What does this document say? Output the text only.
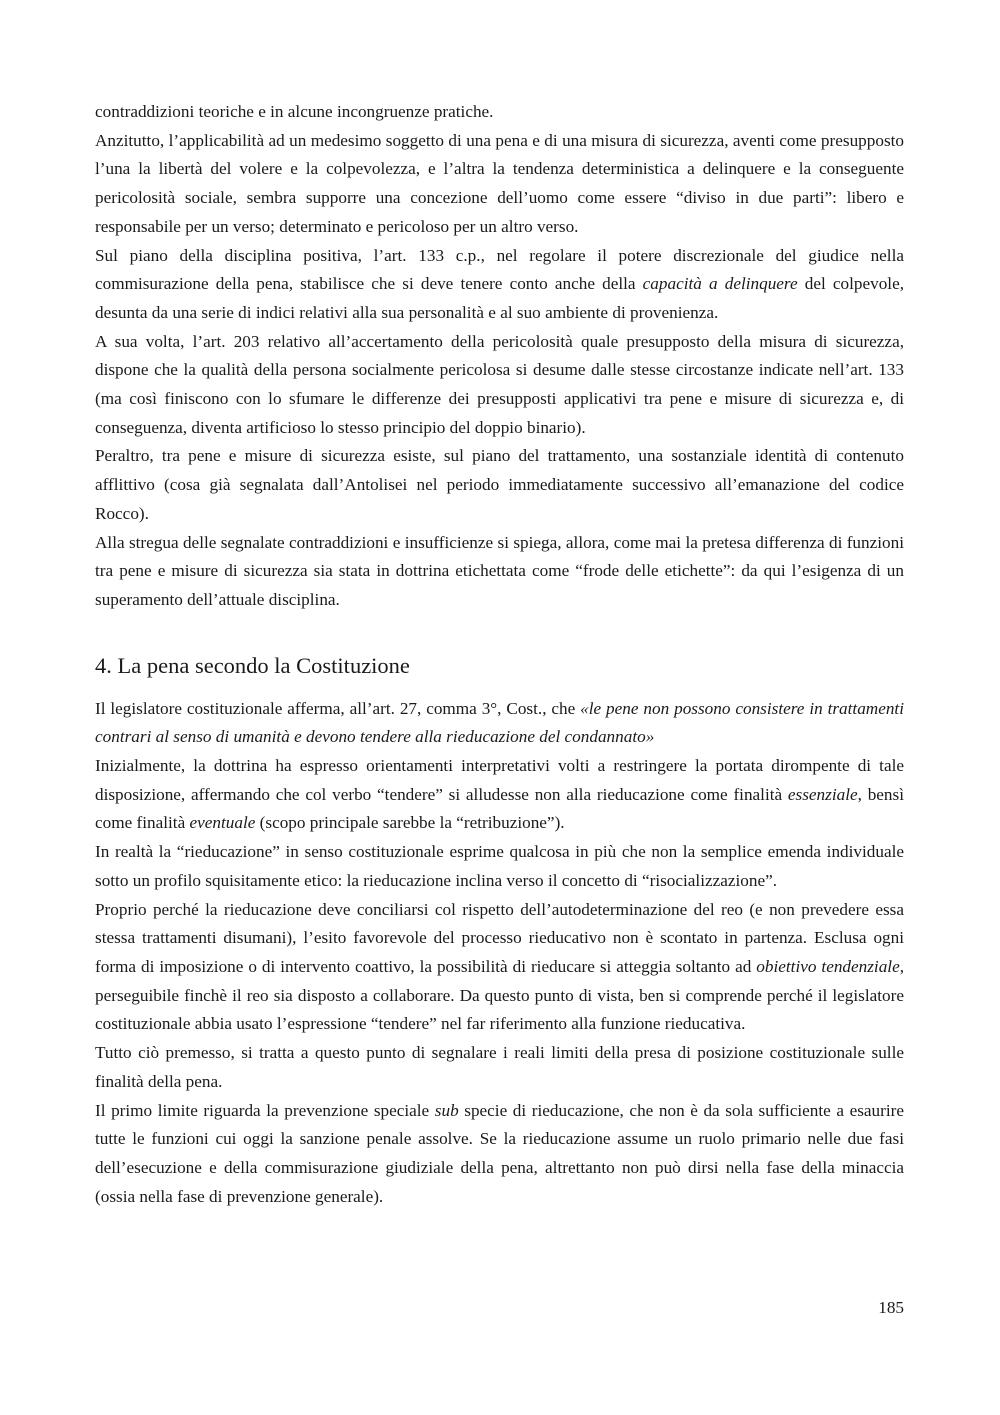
contraddizioni teoriche e in alcune incongruenze pratiche.

Anzitutto, l’applicabilità ad un medesimo soggetto di una pena e di una misura di sicurezza, aventi come presupposto l’una la libertà del volere e la colpevolezza, e l’altra la tendenza deterministica a delinquere e la conseguente pericolosità sociale, sembra supporre una concezione dell’uomo come essere “diviso in due parti”: libero e responsabile per un verso; determinato e pericoloso per un altro verso.

Sul piano della disciplina positiva, l’art. 133 c.p., nel regolare il potere discrezionale del giudice nella commisurazione della pena, stabilisce che si deve tenere conto anche della capacità a delinquere del colpevole, desunta da una serie di indici relativi alla sua personalità e al suo ambiente di provenienza.

A sua volta, l’art. 203 relativo all’accertamento della pericolosità quale presupposto della misura di sicurezza, dispone che la qualità della persona socialmente pericolosa si desume dalle stesse circostanze indicate nell’art. 133 (ma così finiscono con lo sfumare le differenze dei presupposti applicativi tra pene e misure di sicurezza e, di conseguenza, diventa artificioso lo stesso principio del doppio binario).

Peraltro, tra pene e misure di sicurezza esiste, sul piano del trattamento, una sostanziale identità di contenuto afflittivo (cosa già segnalata dall’Antolisei nel periodo immediatamente successivo all’emanazione del codice Rocco).

Alla stregua delle segnalate contraddizioni e insufficienze si spiega, allora, come mai la pretesa differenza di funzioni tra pene e misure di sicurezza sia stata in dottrina etichettata come “frode delle etichette”: da qui l’esigenza di un superamento dell’attuale disciplina.

4. La pena secondo la Costituzione

Il legislatore costituzionale afferma, all’art. 27, comma 3°, Cost., che «le pene non possono consistere in trattamenti contrari al senso di umanità e devono tendere alla rieducazione del condannato»

Inizialmente, la dottrina ha espresso orientamenti interpretativi volti a restringere la portata dirompente di tale disposizione, affermando che col verbo “tendere” si alludesse non alla rieducazione come finalità essenziale, bensì come finalità eventuale (scopo principale sarebbe la “retribuzione”).

In realtà la “rieducazione” in senso costituzionale esprime qualcosa in più che non la semplice emenda individuale sotto un profilo squisitamente etico: la rieducazione inclina verso il concetto di “risocializzazione”.

Proprio perché la rieducazione deve conciliarsi col rispetto dell’autodeterminazione del reo (e non prevedere essa stessa trattamenti disumani), l’esito favorevole del processo rieducativo non è scontato in partenza. Esclusa ogni forma di imposizione o di intervento coattivo, la possibilità di rieducare si atteggia soltanto ad obiettivo tendenziale, perseguibile finchè il reo sia disposto a collaborare. Da questo punto di vista, ben si comprende perché il legislatore costituzionale abbia usato l’espressione “tendere” nel far riferimento alla funzione rieducativa.

Tutto ciò premesso, si tratta a questo punto di segnalare i reali limiti della presa di posizione costituzionale sulle finalità della pena.

Il primo limite riguarda la prevenzione speciale sub specie di rieducazione, che non è da sola sufficiente a esaurire tutte le funzioni cui oggi la sanzione penale assolve. Se la rieducazione assume un ruolo primario nelle due fasi dell’esecuzione e della commisurazione giudiziale della pena, altrettanto non può dirsi nella fase della minaccia (ossia nella fase di prevenzione generale).

185
